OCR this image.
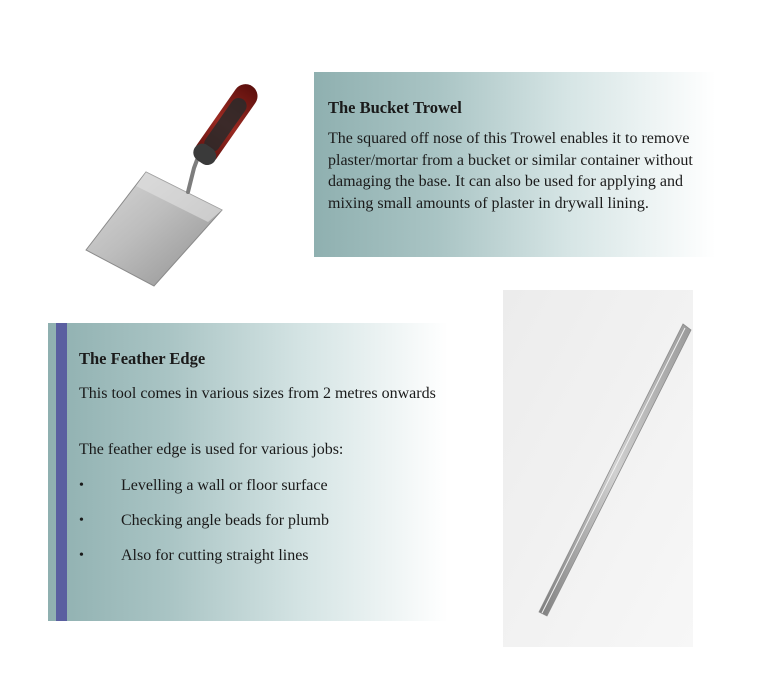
The Bucket Trowel

The squared off nose of this Trowel enables it to remove plaster/mortar from a bucket or similar container without damaging the base. It can also be used for applying and mixing small amounts of plaster in drywall lining.

The Feather Edge

This tool comes in various sizes from 2 metres onwards

The feather edge is used for various jobs:

• Levelling a wall or floor surface
• Checking angle beads for plumb
• Also for cutting straight lines
